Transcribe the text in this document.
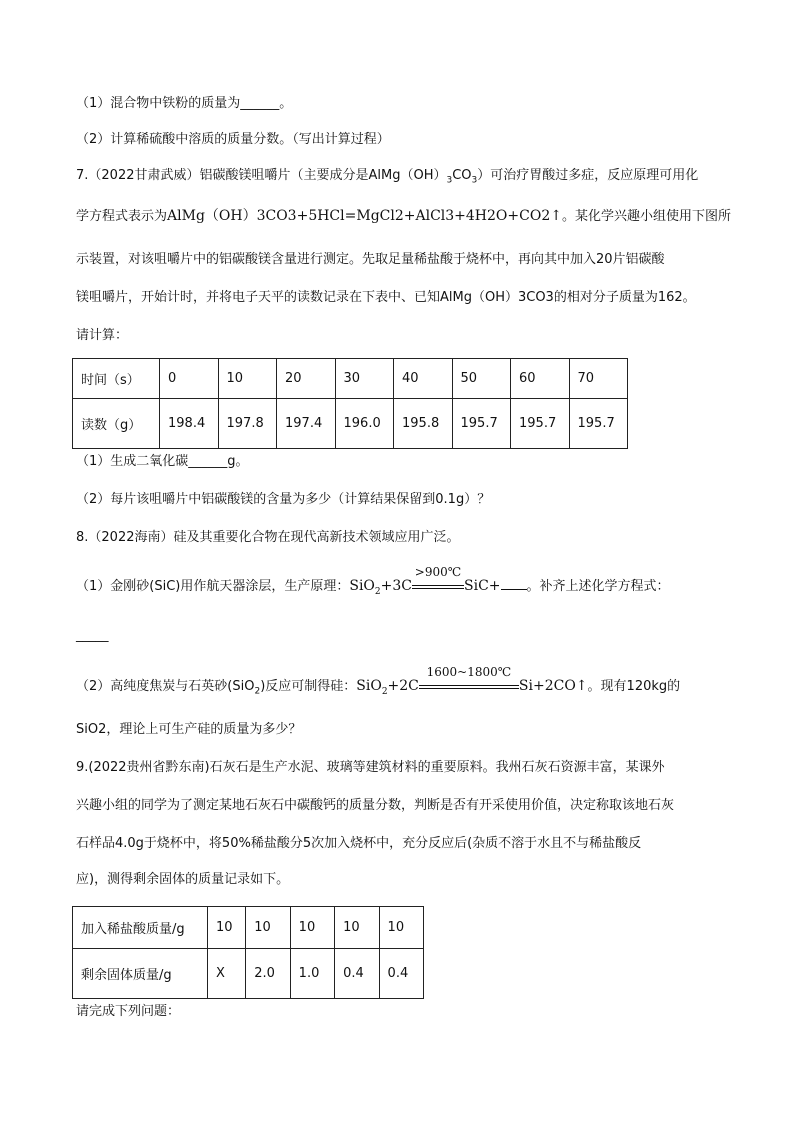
（1）混合物中铁粉的质量为______。
（2）计算稀硫酸中溶质的质量分数。（写出计算过程）
7.（2022甘肃武威）铝碳酸镁咀嚼片（主要成分是$AlMg(OH)_3CO_3$）可治疗胃酸过多症，反应原理可用化
学方程式表示为AlMg（OH）3CO3+5HCl=MgCl2+AlCl3+4H2O+CO2↑。某化学兴趣小组使用下图所
示装置，对该咀嚼片中的铝碳酸镁含量进行测定。先取足量稀盐酸于烧杯中，再向其中加入20片铝碳酸
镁咀嚼片，开始计时，并将电子天平的读数记录在下表中、已知AlMg（OH）3CO3的相对分子质量为162。
请计算：
时间（s）	0	10	20	30	40	50	60	70
读数（g）	198.4	197.8	197.4	196.0	195.8	195.7	195.7	195.7
（1）生成二氧化碳______g。
（2）每片该咀嚼片中铝碳酸镁的含量为多少（计算结果保留到0.1g）？
8.（2022海南）硅及其重要化合物在现代高新技术领域应用广泛。
（1）金刚砂(SiC)用作航天器涂层，生产原理：SiO$_2$+3C
>900℃
SiC+ 。补齐上述化学方程式：
_____
（2）高纯度焦炭与石英砂(SiO$_2$)反应可制得硅：SiO$_2$+2C
1600~1800℃
Si+2CO↑。现有120kg的
SiO2，理论上可生产硅的质量为多少？
9.(2022贵州省黔东南)石灰石是生产水泥、玻璃等建筑材料的重要原料。我州石灰石资源丰富，某课外
兴趣小组的同学为了测定某地石灰石中碳酸钙的质量分数，判断是否有开采使用价值，决定称取该地石灰
石样品4.0g于烧杯中，将50%稀盐酸分5次加入烧杯中，充分反应后(杂质不溶于水且不与稀盐酸反
应)，测得剩余固体的质量记录如下。
加入稀盐酸质量/g	10	10	10	10	10
剩余固体质量/g	X	2.0	1.0	0.4	0.4
请完成下列问题：
